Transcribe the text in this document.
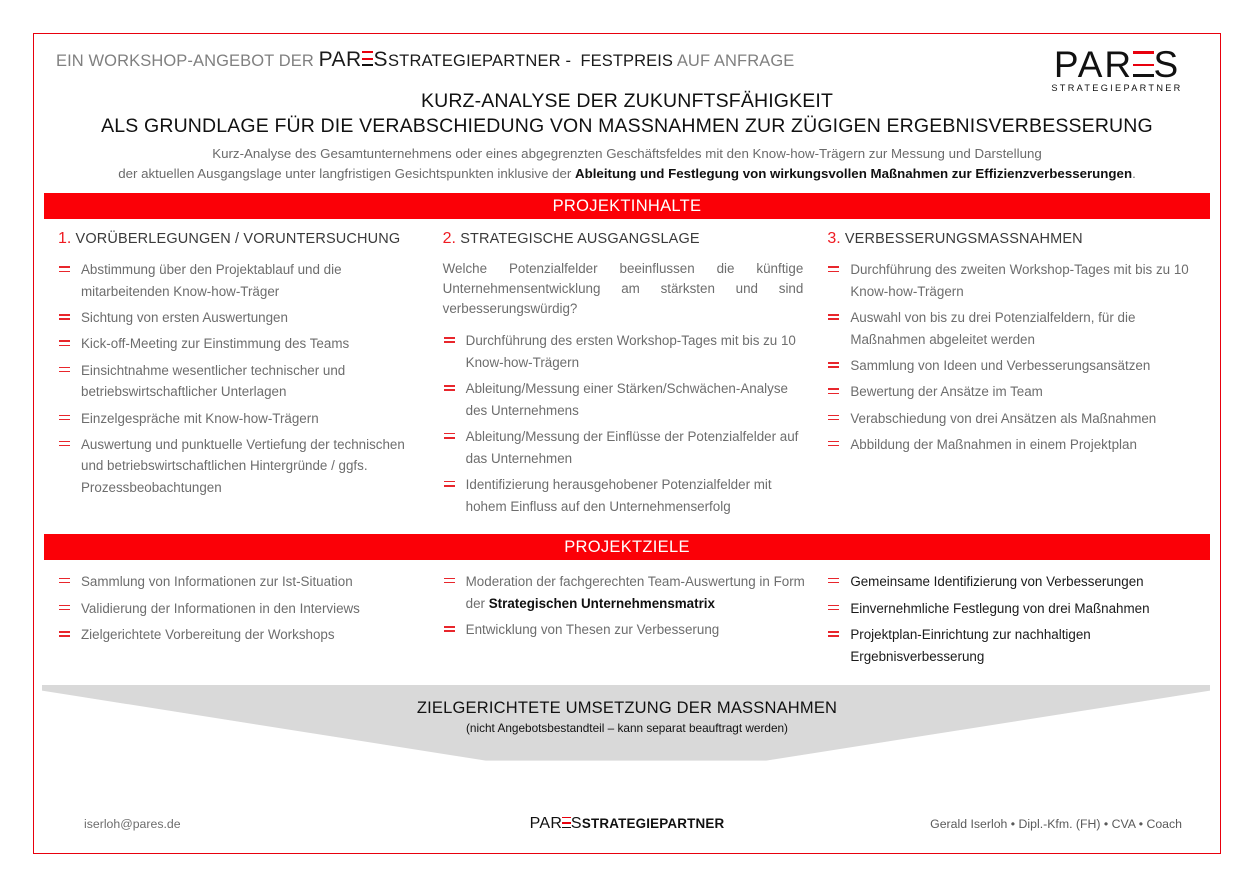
EIN WORKSHOP-ANGEBOT DER PAR SSTRATEGIEPARTNER - FESTPREIS AUF ANFRAGE	PAR S
STRATEGIEPARTNER
KURZ-ANALYSE DER ZUKUNFTSFÄHIGKEIT
ALS GRUNDLAGE FÜR DIE VERABSCHIEDUNG VON MASSNAHMEN ZUR ZÜGIGEN ERGEBNISVERBESSERUNG
Kurz-Analyse des Gesamtunternehmens oder eines abgegrenzten Geschäftsfeldes mit den Know-how-Trägern zur Messung und Darstellung
der aktuellen Ausgangslage unter langfristigen Gesichtspunkten inklusive der Ableitung und Festlegung von wirkungsvollen Maßnahmen zur Effizienzverbesserungen.
PROJEKTINHALTE
1. VORÜBERLEGUNGEN / VORUNTERSUCHUNG
Abstimmung über den Projektablauf und die mitarbeitenden Know-how-Träger
Sichtung von ersten Auswertungen
Kick-off-Meeting zur Einstimmung des Teams
Einsichtnahme wesentlicher technischer und betriebswirtschaftlicher Unterlagen
Einzelgespräche mit Know-how-Trägern
Auswertung und punktuelle Vertiefung der technischen und betriebswirtschaftlichen Hintergründe / ggfs. Prozessbeobachtungen
2. STRATEGISCHE AUSGANGSLAGE
Welche Potenzialfelder beeinflussen die künftige Unternehmensentwicklung am stärksten und sind verbesserungswürdig?
Durchführung des ersten Workshop-Tages mit bis zu 10 Know-how-Trägern
Ableitung/Messung einer Stärken/Schwächen-Analyse des Unternehmens
Ableitung/Messung der Einflüsse der Potenzialfelder auf das Unternehmen
Identifizierung herausgehobener Potenzialfelder mit hohem Einfluss auf den Unternehmenserfolg
3. VERBESSERUNGSMASSNAHMEN
Durchführung des zweiten Workshop-Tages mit bis zu 10 Know-how-Trägern
Auswahl von bis zu drei Potenzialfeldern, für die Maßnahmen abgeleitet werden
Sammlung von Ideen und Verbesserungsansätzen
Bewertung der Ansätze im Team
Verabschiedung von drei Ansätzen als Maßnahmen
Abbildung der Maßnahmen in einem Projektplan
PROJEKTZIELE
Sammlung von Informationen zur Ist-Situation
Validierung der Informationen in den Interviews
Zielgerichtete Vorbereitung der Workshops
Moderation der fachgerechten Team-Auswertung in Form der Strategischen Unternehmensmatrix
Entwicklung von Thesen zur Verbesserung
Gemeinsame Identifizierung von Verbesserungen
Einvernehmliche Festlegung von drei Maßnahmen
Projektplan-Einrichtung zur nachhaltigen Ergebnisverbesserung
ZIELGERICHTETE UMSETZUNG DER MASSNAHMEN
(nicht Angebotsbestandteil – kann separat beauftragt werden)
iserloh@pares.de	PAR SSTRATEGIEPARTNER	Gerald Iserloh • Dipl.-Kfm. (FH) • CVA • Coach
